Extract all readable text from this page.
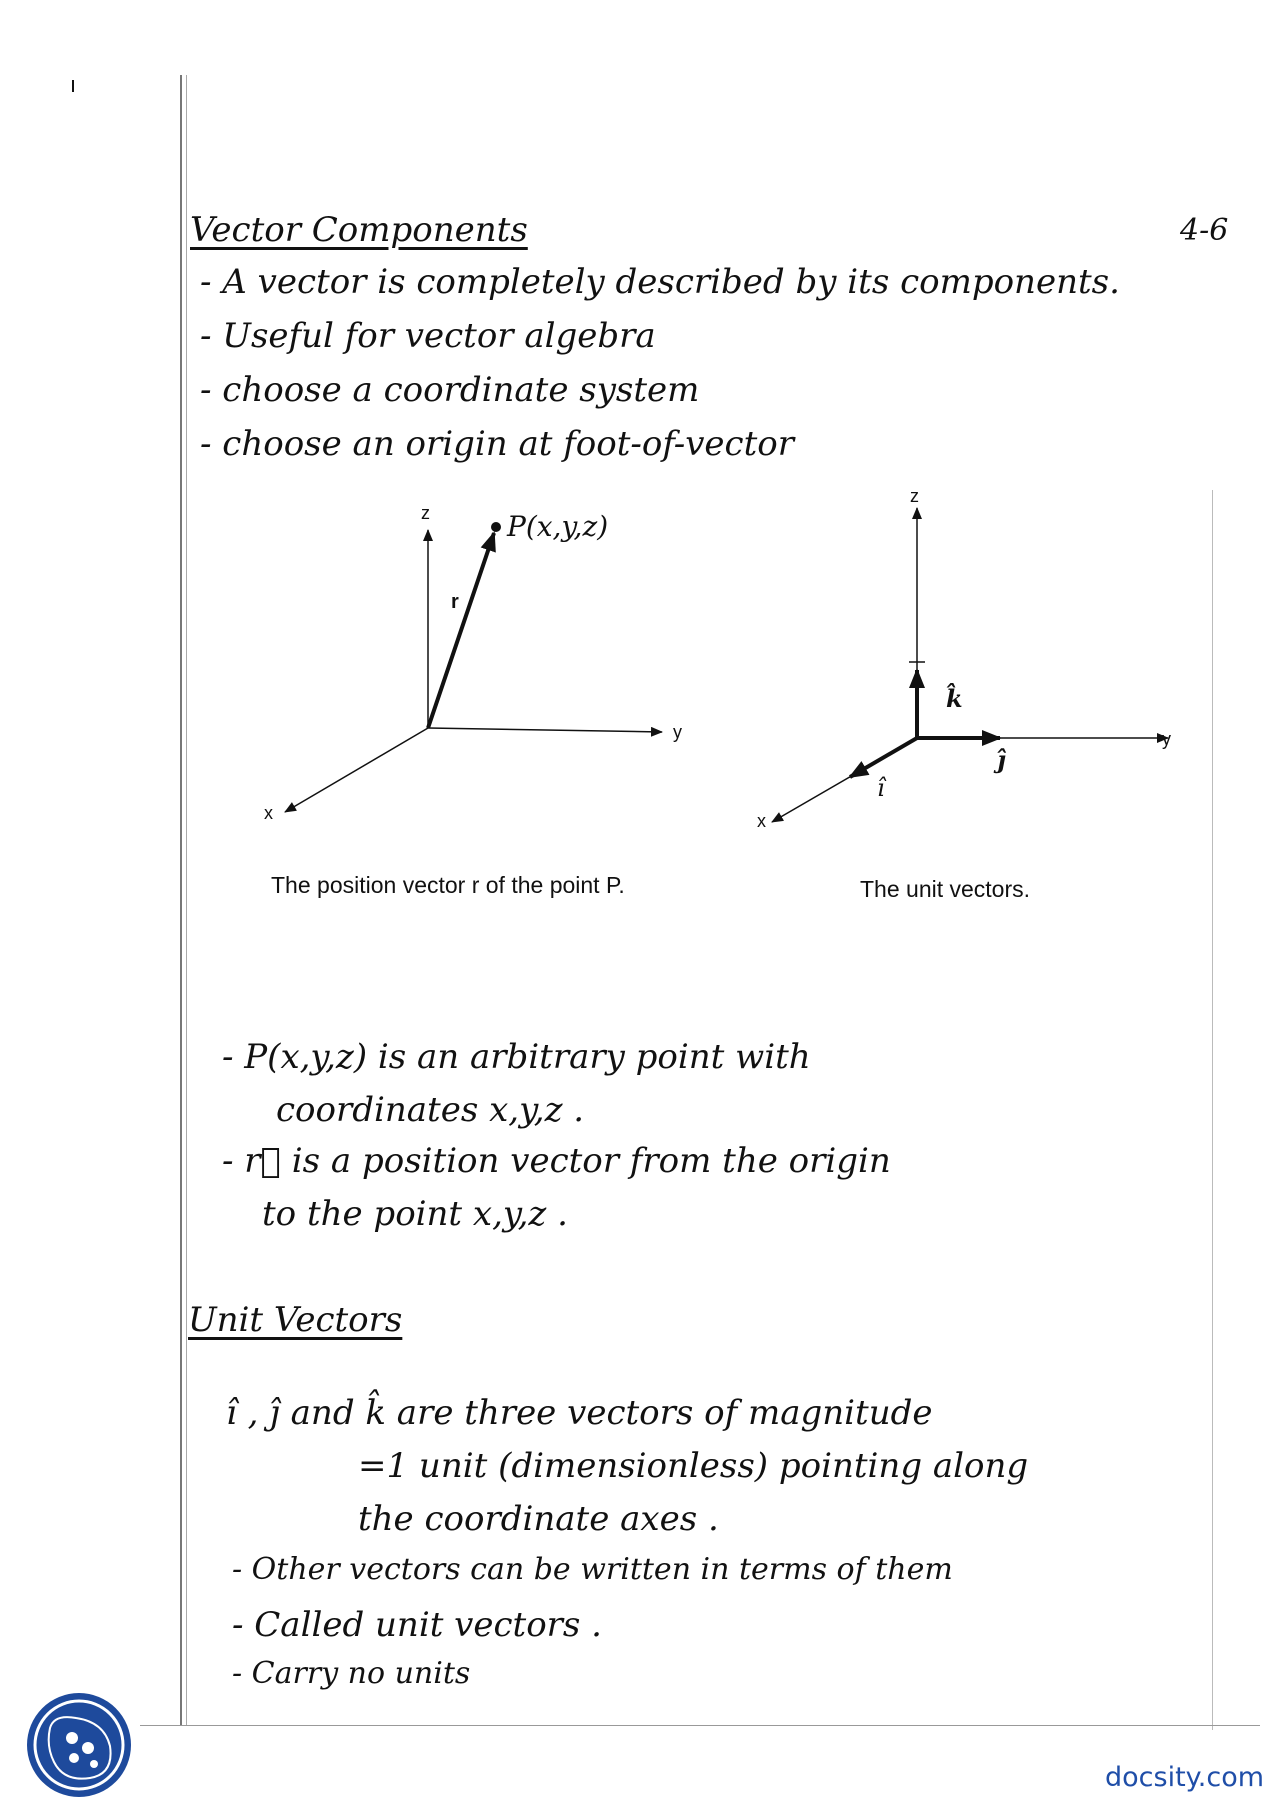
Vector Components	4-6
- A vector is completely described by its components.
- Useful for vector algebra
- choose a coordinate system
- choose an origin at foot-of-vector
z
y
x
P(x,y,z)
r
The position vector r of the point P.
z
y
x
k̂
ĵ
î
The unit vectors.
- P(x,y,z) is an arbitrary point with
coordinates x,y,z .
- r⃗ is a position vector from the origin
to the point x,y,z .
Unit Vectors
î , ĵ and k̂ are three vectors of magnitude
=1 unit (dimensionless) pointing along
the coordinate axes .
- Other vectors can be written in terms of them
- Called unit vectors .
- Carry no units
docsity.com
